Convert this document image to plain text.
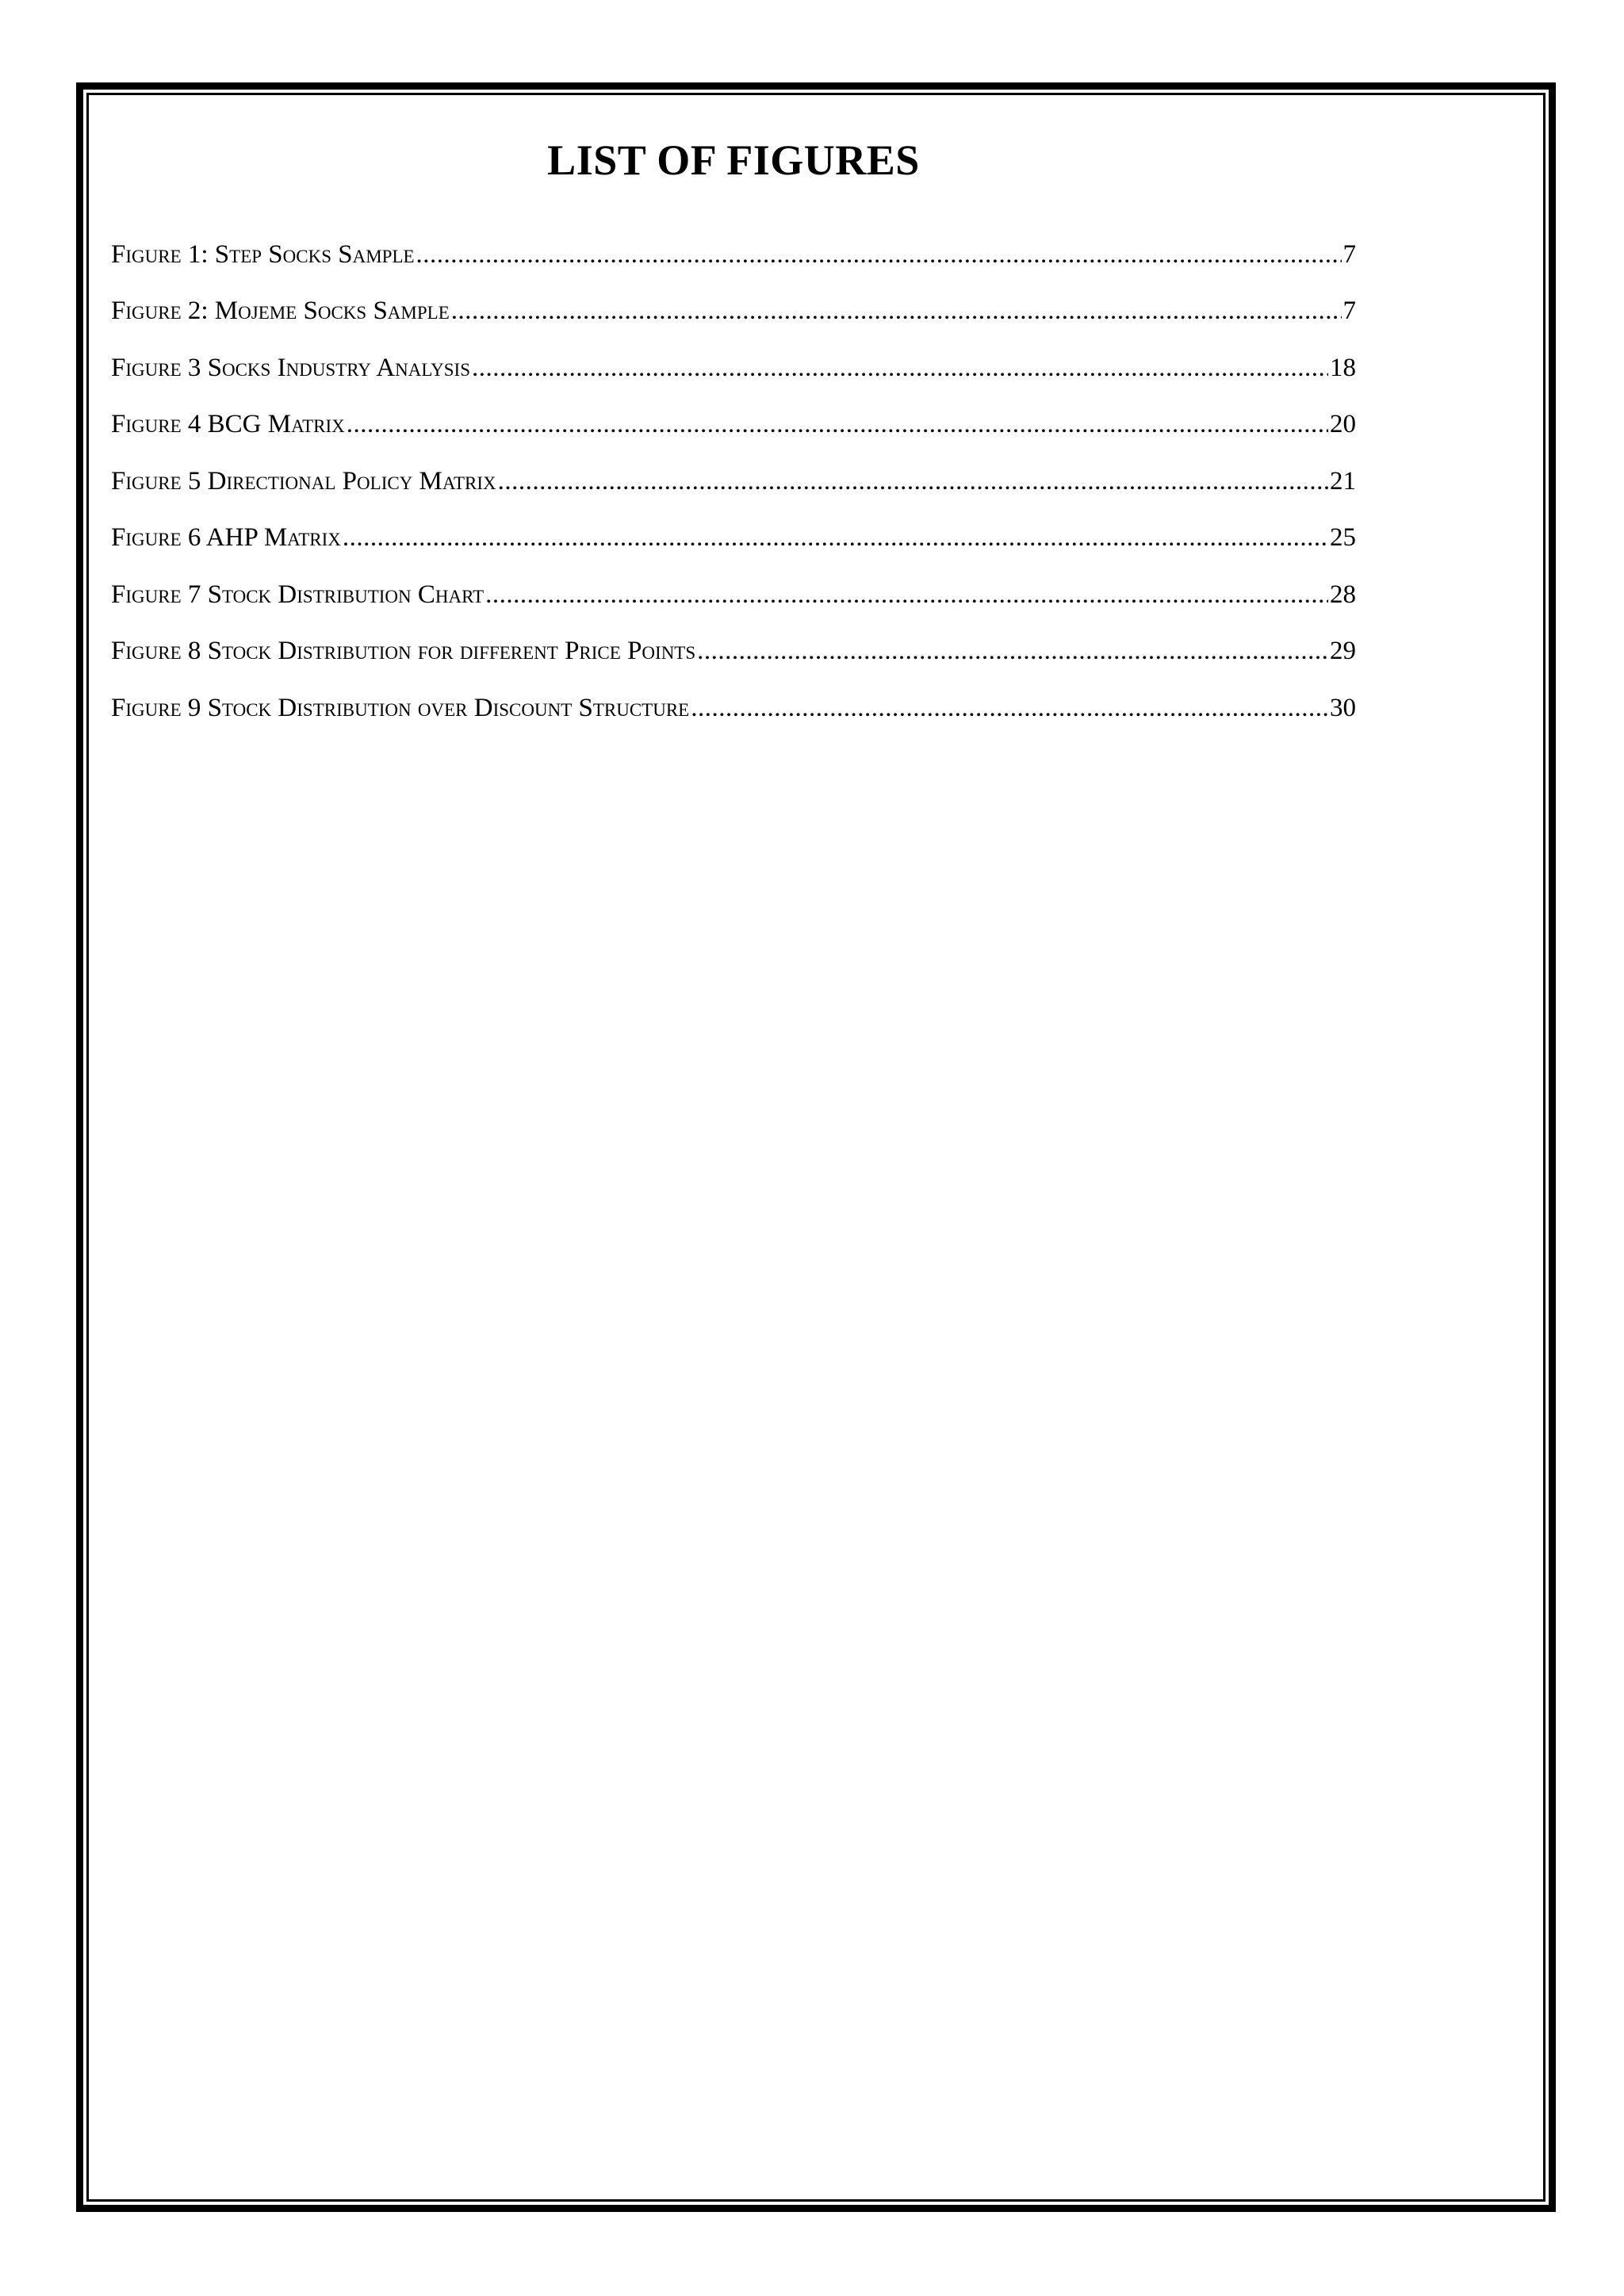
LIST OF FIGURES
Figure 1: Step Socks Sample .....	7
Figure 2: Mojeme Socks Sample .....	7
Figure 3 Socks Industry Analysis .....	18
Figure 4 BCG Matrix .....	20
Figure 5 Directional Policy Matrix .....	21
Figure 6 AHP Matrix .....	25
Figure 7 Stock Distribution Chart .....	28
Figure 8 Stock Distribution for different Price Points .....	29
Figure 9 Stock Distribution over Discount Structure .....	30
